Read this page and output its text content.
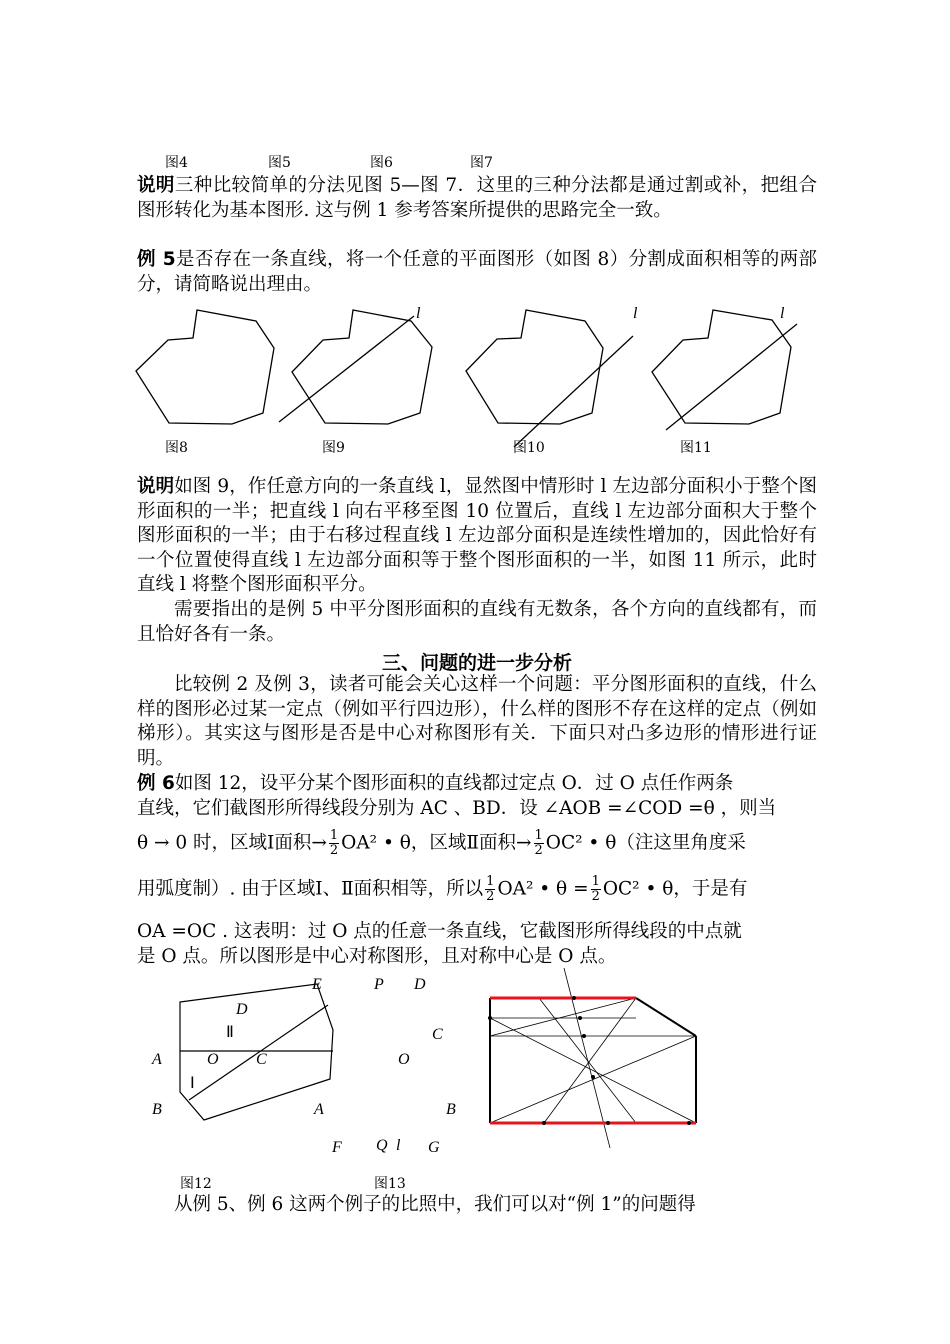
图4	图5	图6	图7
说明三种比较简单的分法见图 5—图 7．这里的三种分法都是通过割或补，把组合图形转化为基本图形. 这与例 1 参考答案所提供的思路完全一致。
例 5是否存在一条直线，将一个任意的平面图形（如图 8）分割成面积相等的两部分，请简略说出理由。
l	l	l
图8	图9	图10	图11
说明如图 9，作任意方向的一条直线 l，显然图中情形时 l 左边部分面积小于整个图形面积的一半；把直线 l 向右平移至图 10 位置后，直线 l 左边部分面积大于整个图形面积的一半；由于右移过程直线 l 左边部分面积是连续性增加的，因此恰好有一个位置使得直线 l 左边部分面积等于整个图形面积的一半，如图 11 所示，此时直线 l 将整个图形面积平分。
需要指出的是例 5 中平分图形面积的直线有无数条，各个方向的直线都有，而且恰好各有一条。
三、问题的进一步分析
比较例 2 及例 3，读者可能会关心这样一个问题：平分图形面积的直线，什么样的图形必过某一定点（例如平行四边形），什么样的图形不存在这样的定点（例如梯形）。其实这与图形是否是中心对称图形有关．下面只对凸多边形的情形进行证明。
例 6如图 12，设平分某个图形面积的直线都过定点 O．过 O 点任作两条
直线，它们截图形所得线段分别为 AC 、BD．设 ∠AOB =∠COD =θ ，则当
θ → 0 时，区域Ⅰ面积→ $\frac{1}{2} OA^2$ • θ，区域Ⅱ面积→ $\frac{1}{2} OC^2$ • θ（注这里角度采
用弧度制）. 由于区域Ⅰ、Ⅱ面积相等，所以 $\frac{1}{2} OA^2$ • $\theta = \frac{1}{2} OC^2$ • θ，于是有
OA =OC . 这表明：过 O 点的任意一条直线，它截图形所得线段的中点就
是 O 点。所以图形是中心对称图形，且对称中心是 O 点。
E
D
Ⅱ
A	O C
Ⅰ
B	A
图12
P D
C
O
F Q l G
B
图13
从例 5、例 6 这两个例子的比照中，我们可以对“例 1”的问题得
